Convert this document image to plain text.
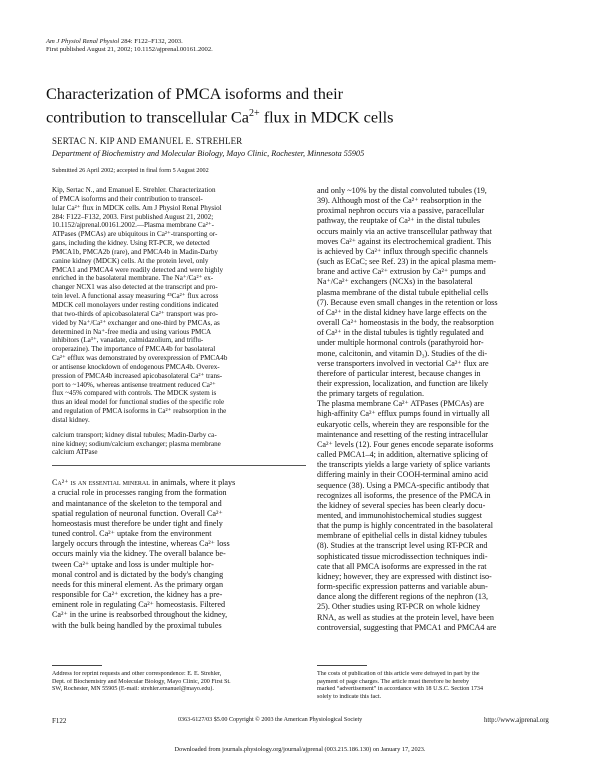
Am J Physiol Renal Physiol 284: F122–F132, 2003.
First published August 21, 2002; 10.1152/ajprenal.00161.2002.
Characterization of PMCA isoforms and their
contribution to transcellular $Ca^{2+}$ flux in MDCK cells
SERTAC N. KIP AND EMANUEL E. STREHLER
Department of Biochemistry and Molecular Biology, Mayo Clinic, Rochester, Minnesota 55905
Submitted 26 April 2002; accepted in final form 5 August 2002
Kip, Sertac N., and Emanuel E. Strehler. Characterization
of PMCA isoforms and their contribution to transcel-
lular Ca²⁺ flux in MDCK cells. Am J Physiol Renal Physiol
284: F122–F132, 2003. First published August 21, 2002;
10.1152/ajprenal.00161.2002.—Plasma membrane Ca²⁺-
ATPases (PMCAs) are ubiquitous in Ca²⁺-transporting or-
gans, including the kidney. Using RT-PCR, we detected
PMCA1b, PMCA2b (rare), and PMCA4b in Madin-Darby
canine kidney (MDCK) cells. At the protein level, only
PMCA1 and PMCA4 were readily detected and were highly
enriched in the basolateral membrane. The Na⁺/Ca²⁺ ex-
changer NCX1 was also detected at the transcript and pro-
tein level. A functional assay measuring ⁴⁵Ca²⁺ flux across
MDCK cell monolayers under resting conditions indicated
that two-thirds of apicobasolateral Ca²⁺ transport was pro-
vided by Na⁺/Ca²⁺ exchanger and one-third by PMCAs, as
determined in Na⁺-free media and using various PMCA
inhibitors (La³⁺, vanadate, calmidazolium, and triflu-
oroperazine). The importance of PMCA4b for basolateral
Ca²⁺ efflux was demonstrated by overexpression of PMCA4b
or antisense knockdown of endogenous PMCA4b. Overex-
pression of PMCA4b increased apicobasolateral Ca²⁺ trans-
port to ~140%, whereas antisense treatment reduced Ca²⁺
flux ~45% compared with controls. The MDCK system is
thus an ideal model for functional studies of the specific role
and regulation of PMCA isoforms in Ca²⁺ reabsorption in the
distal kidney.
calcium transport; kidney distal tubules; Madin-Darby ca-
nine kidney; sodium/calcium exchanger; plasma membrane
calcium ATPase
Ca²⁺ is an essential mineral in animals, where it plays
a crucial role in processes ranging from the formation
and maintanance of the skeleton to the temporal and
spatial regulation of neuronal function. Overall Ca²⁺
homeostasis must therefore be under tight and finely
tuned control. Ca²⁺ uptake from the environment
largely occurs through the intestine, whereas Ca²⁺ loss
occurs mainly via the kidney. The overall balance be-
tween Ca²⁺ uptake and loss is under multiple hor-
monal control and is dictated by the body's changing
needs for this mineral element. As the primary organ
responsible for Ca²⁺ excretion, the kidney has a pre-
eminent role in regulating Ca²⁺ homeostasis. Filtered
Ca²⁺ in the urine is reabsorbed throughout the kidney,
with the bulk being handled by the proximal tubules
and only ~10% by the distal convoluted tubules (19,
39). Although most of the Ca²⁺ reabsorption in the
proximal nephron occurs via a passive, paracellular
pathway, the reuptake of Ca²⁺ in the distal tubules
occurs mainly via an active transcellular pathway that
moves Ca²⁺ against its electrochemical gradient. This
is achieved by Ca²⁺ influx through specific channels
(such as ECaC; see Ref. 23) in the apical plasma mem-
brane and active Ca²⁺ extrusion by Ca²⁺ pumps and
Na⁺/Ca²⁺ exchangers (NCXs) in the basolateral
plasma membrane of the distal tubule epithelial cells
(7). Because even small changes in the retention or loss
of Ca²⁺ in the distal kidney have large effects on the
overall Ca²⁺ homeostasis in the body, the reabsorption
of Ca²⁺ in the distal tubules is tightly regulated and
under multiple hormonal controls (parathyroid hor-
mone, calcitonin, and vitamin D₃). Studies of the di-
verse transporters involved in vectorial Ca²⁺ flux are
therefore of particular interest, because changes in
their expression, localization, and function are likely
the primary targets of regulation.
The plasma membrane Ca²⁺ ATPases (PMCAs) are
high-affinity Ca²⁺ efflux pumps found in virtually all
eukaryotic cells, wherein they are responsible for the
maintenance and resetting of the resting intracellular
Ca²⁺ levels (12). Four genes encode separate isoforms
called PMCA1–4; in addition, alternative splicing of
the transcripts yields a large variety of splice variants
differing mainly in their COOH-terminal amino acid
sequence (38). Using a PMCA-specific antibody that
recognizes all isoforms, the presence of the PMCA in
the kidney of several species has been clearly docu-
mented, and immunohistochemical studies suggest
that the pump is highly concentrated in the basolateral
membrane of epithelial cells in distal kidney tubules
(8). Studies at the transcript level using RT-PCR and
sophisticated tissue microdissection techniques indi-
cate that all PMCA isoforms are expressed in the rat
kidney; however, they are expressed with distinct iso-
form-specific expression patterns and variable abun-
dance along the different regions of the nephron (13,
25). Other studies using RT-PCR on whole kidney
RNA, as well as studies at the protein level, have been
controversial, suggesting that PMCA1 and PMCA4 are
Address for reprint requests and other correspondence: E. E. Strehler,
Dept. of Biochemistry and Molecular Biology, Mayo Clinic, 200 First St.
SW, Rochester, MN 55905 (E-mail: strehler.emanuel@mayo.edu).
The costs of publication of this article were defrayed in part by the
payment of page charges. The article must therefore be hereby
marked “advertisement” in accordance with 18 U.S.C. Section 1734
solely to indicate this fact.
F122	0363-6127/03 $5.00 Copyright © 2003 the American Physiological Society	http://www.ajprenal.org
Downloaded from journals.physiology.org/journal/ajprenal (003.215.186.130) on January 17, 2023.
